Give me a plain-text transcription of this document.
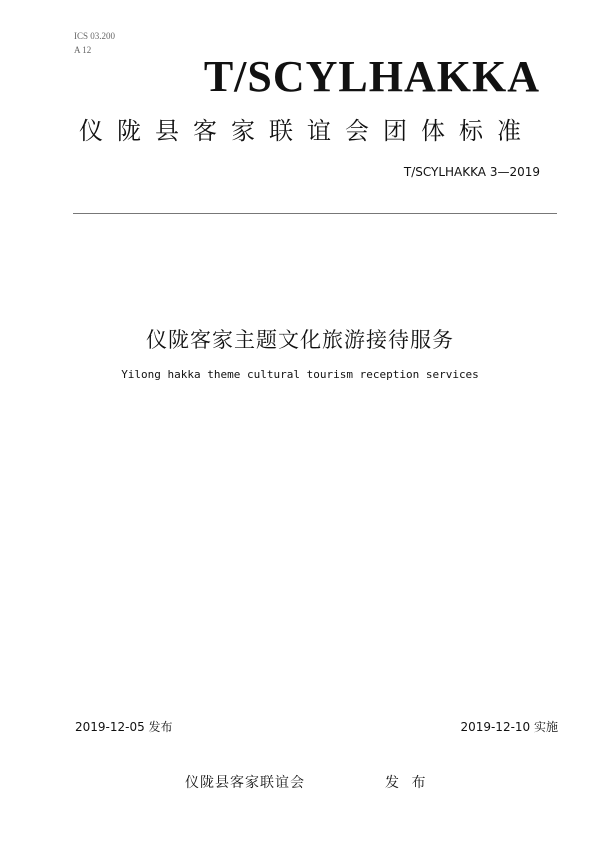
ICS 03.200
A 12
T/SCYLHAKKA
仪陇县客家联谊会团体标准
T/SCYLHAKKA 3—2019
仪陇客家主题文化旅游接待服务
Yilong hakka theme cultural tourism reception services
2019-12-05 发布	2019-12-10 实施
仪陇县客家联谊会	发 布
